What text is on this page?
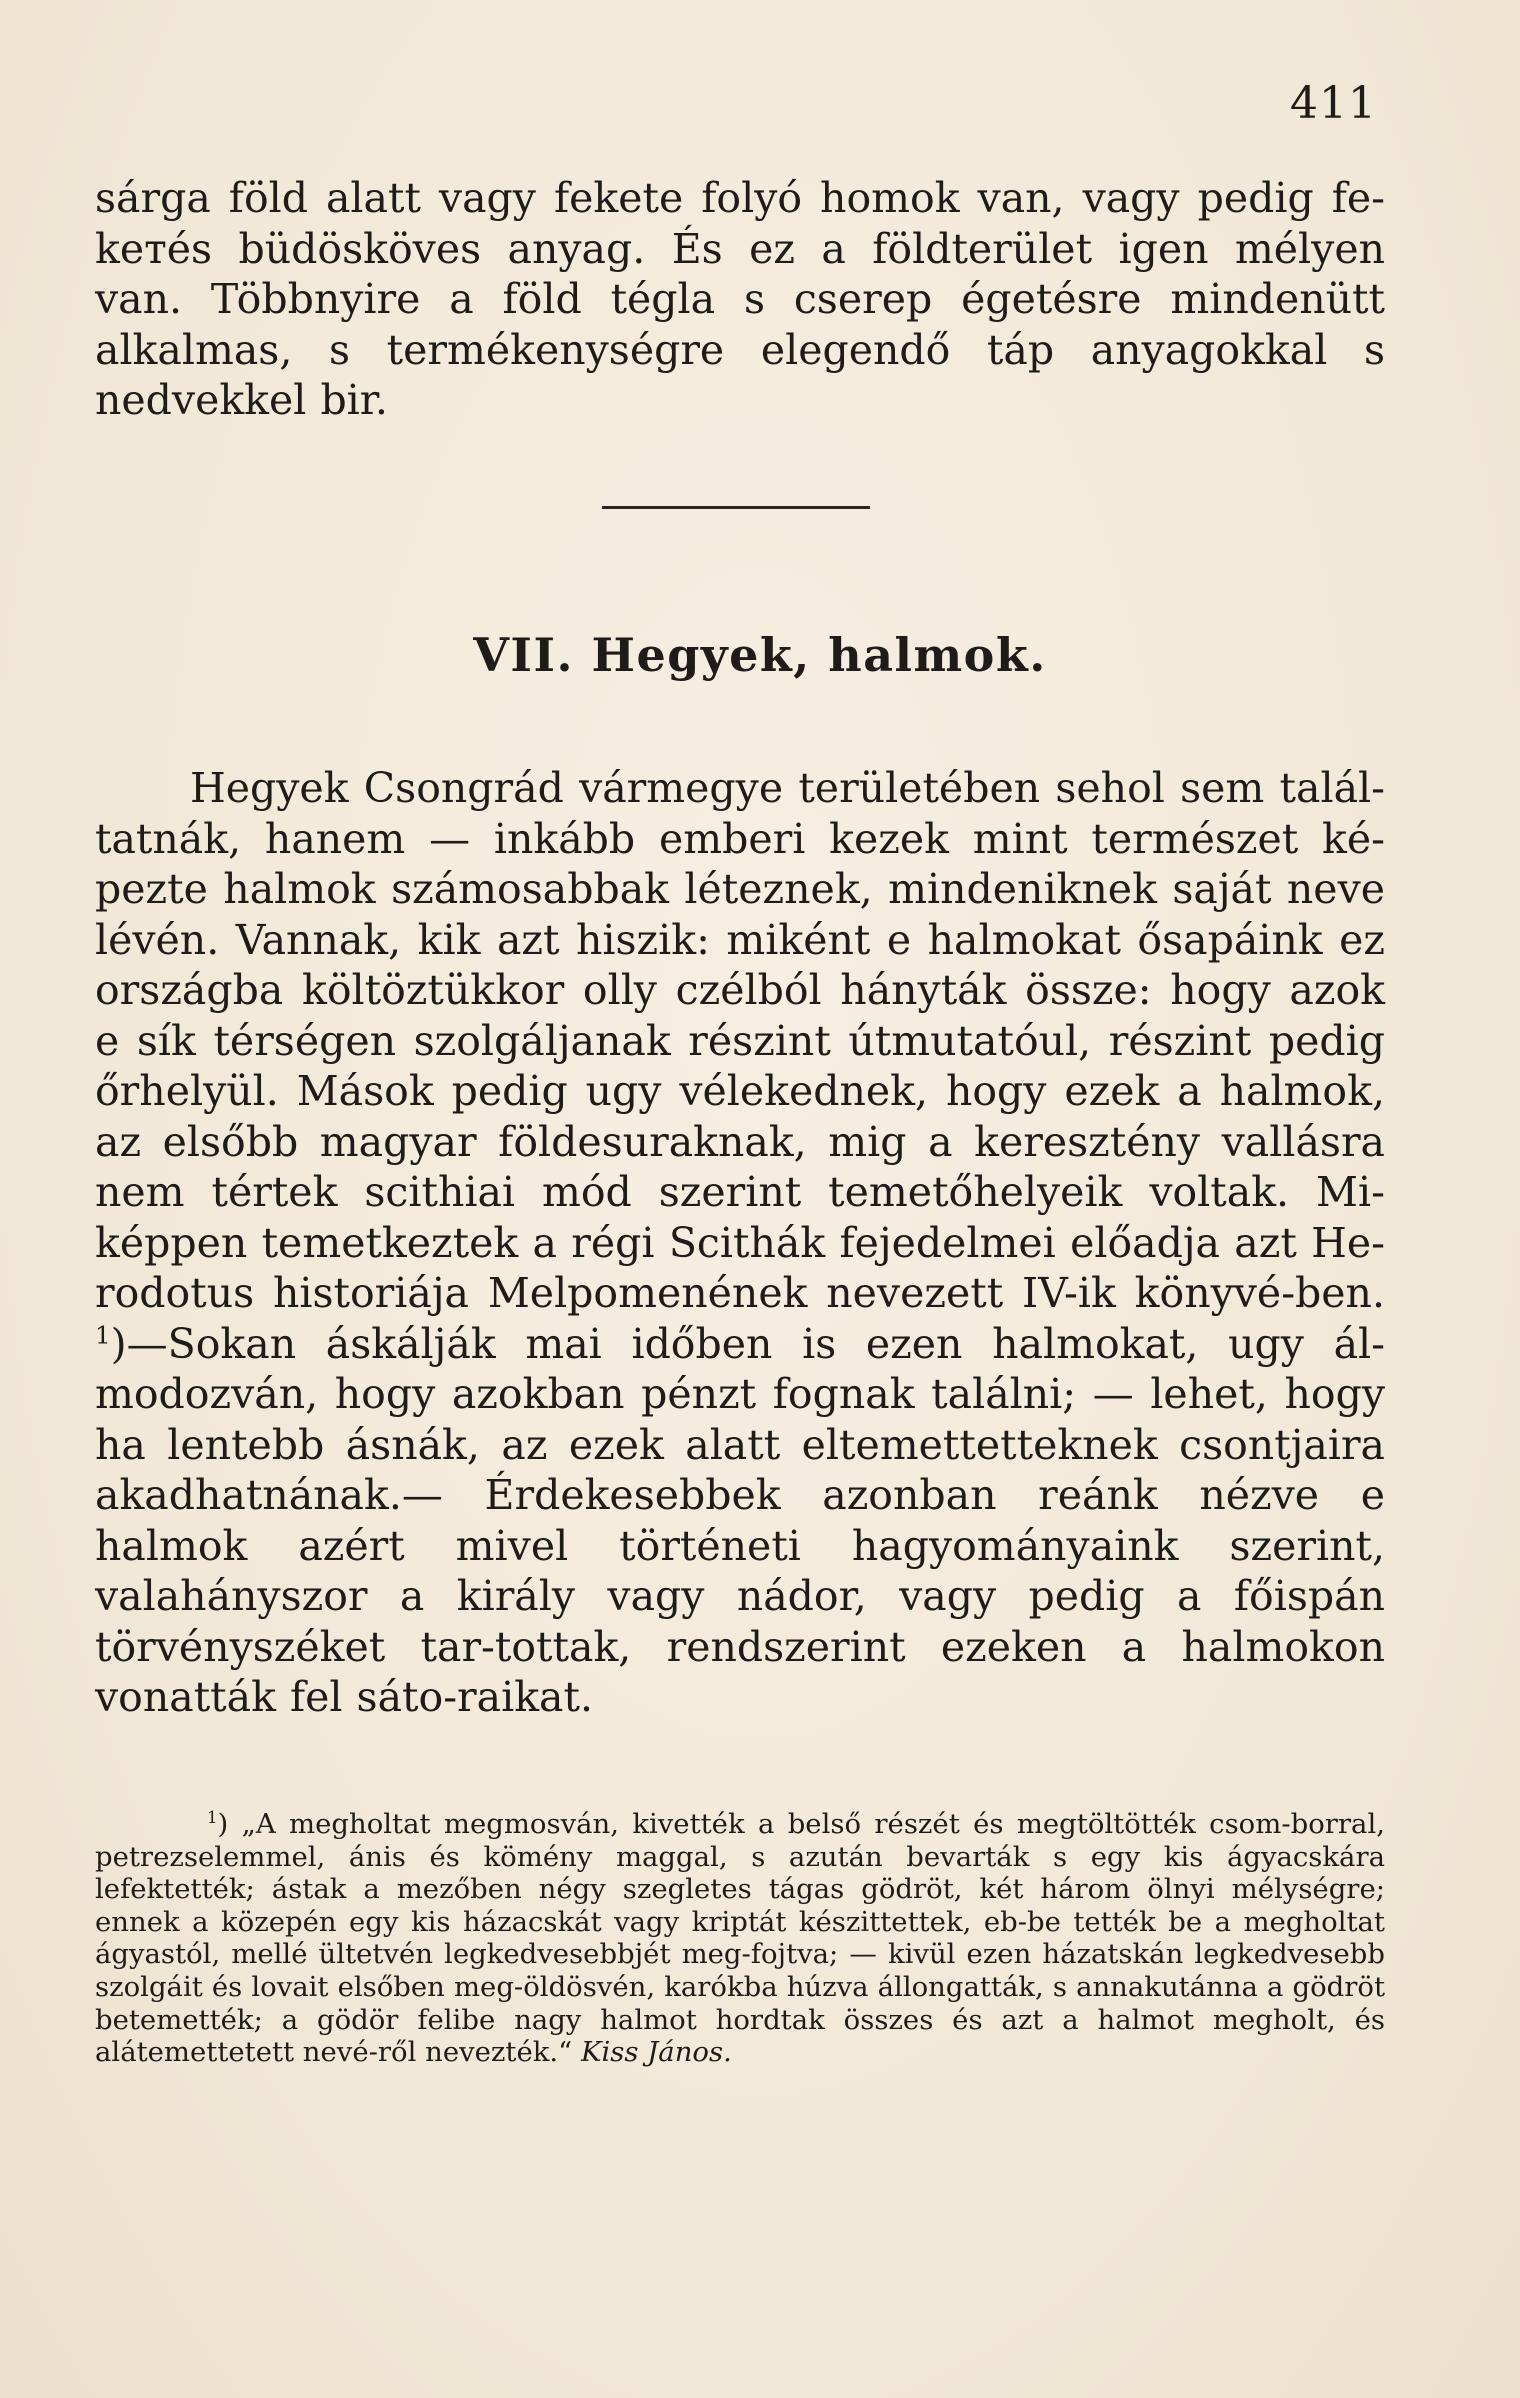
411

sárga föld alatt vagy fekete folyó homok van, vagy pedig fe-kетés büdösköves anyag. És ez a földterület igen mélyen van. Többnyire a föld tégla s cserep égetésre mindenütt alkalmas, s termékenységre elegendő táp anyagokkal s nedvekkel bir.

VII. Hegyek, halmok.

Hegyek Csongrád vármegye területében sehol sem talál-tatnák, hanem — inkább emberi kezek mint természet ké-pezte halmok számosabbak léteznek, mindeniknek saját neve lévén. Vannak, kik azt hiszik: miként e halmokat ősapáink ez országba költöztükkor olly czélból hányták össze: hogy azok e sík térségen szolgáljanak részint útmutatóul, részint pedig őrhelyül. Mások pedig ugy vélekednek, hogy ezek a halmok, az elsőbb magyar földesuraknak, mig a keresztény vallásra nem tértek scithiai mód szerint temetőhelyeik voltak. Mi-képpen temetkeztek a régi Scithák fejedelmei előadja azt He-rodotus historiája Melpomenének nevezett IV-ik könyvé-ben. $^1$)—Sokan áskálják mai időben is ezen halmokat, ugy ál-modozván, hogy azokban pénzt fognak találni; — lehet, hogy ha lentebb ásnák, az ezek alatt eltemettetteknek csontjaira akadhatnának.— Érdekesebbek azonban reánk nézve e halmok azért mivel történeti hagyományaink szerint, valahányszor a király vagy nádor, vagy pedig a főispán törvényszéket tar-tottak, rendszerint ezeken a halmokon vonatták fel sáto-raikat.

$^1$) „A megholtat megmosván, kivették a belső részét és megtöltötték csom-borral, petrezselemmel, ánis és kömény maggal, s azután bevarták s egy kis ágyacskára lefektették; ástak a mezőben négy szegletes tágas gödröt, két három ölnyi mélységre; ennek a közepén egy kis házacskát vagy kriptát készittettek, eb-be tették be a megholtat ágyastól, mellé ültetvén legkedvesebbjét meg-fojtva; — kivül ezen házatskán legkedvesebb szolgáit és lovait elsőben meg-öldösvén, karókba húzva állongatták, s annakutánna a gödröt betemették; a gödör felibe nagy halmot hordtak összes és azt a halmot megholt, és alátemettetett nevé-ről nevezték.“ Kiss János.
